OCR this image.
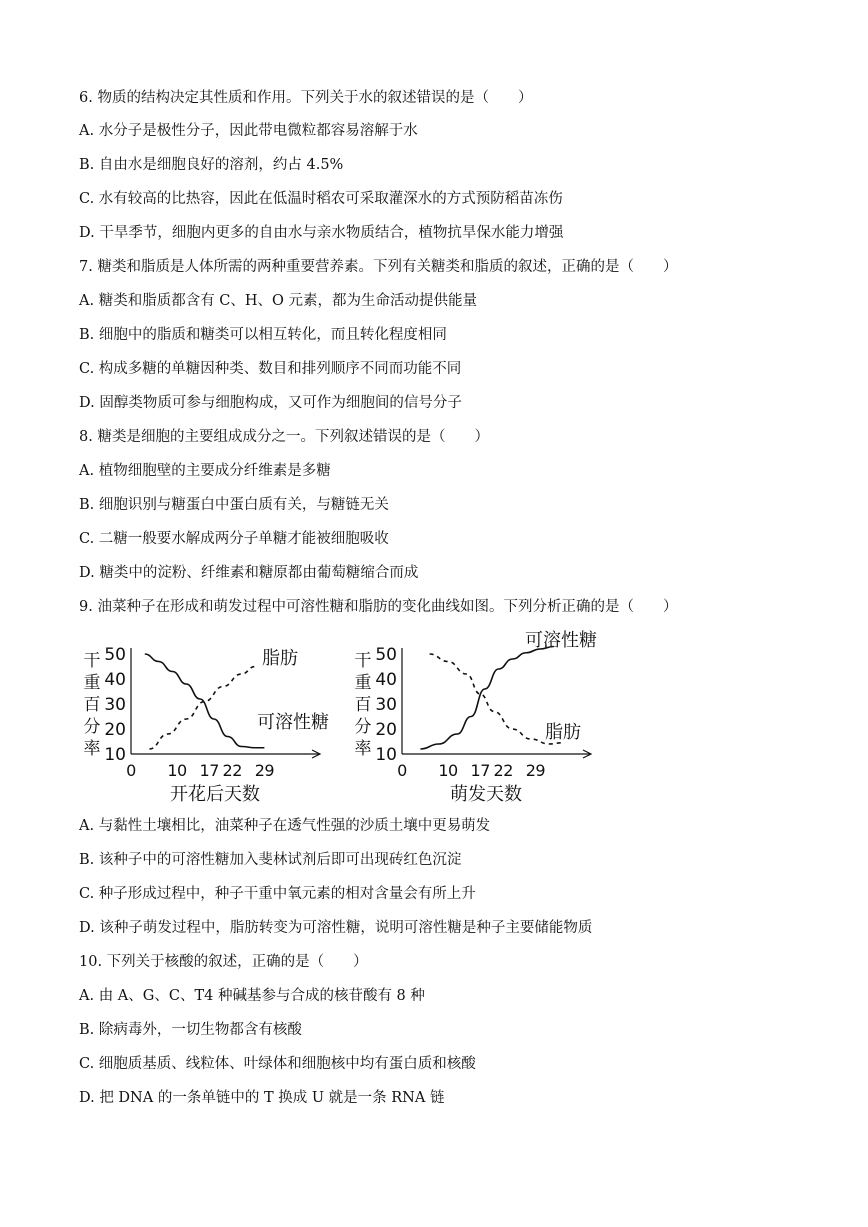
6. 物质的结构决定其性质和作用。下列关于水的叙述错误的是（　　）
A. 水分子是极性分子，因此带电微粒都容易溶解于水
B. 自由水是细胞良好的溶剂，约占 4.5%
C. 水有较高的比热容，因此在低温时稻农可采取灌深水的方式预防稻苗冻伤
D. 干旱季节，细胞内更多的自由水与亲水物质结合，植物抗旱保水能力增强
7. 糖类和脂质是人体所需的两种重要营养素。下列有关糖类和脂质的叙述，正确的是（　　）
A. 糖类和脂质都含有 C、H、O 元素，都为生命活动提供能量
B. 细胞中的脂质和糖类可以相互转化，而且转化程度相同
C. 构成多糖的单糖因种类、数目和排列顺序不同而功能不同
D. 固醇类物质可参与细胞构成，又可作为细胞间的信号分子
8. 糖类是细胞的主要组成成分之一。下列叙述错误的是（　　）
A. 植物细胞壁的主要成分纤维素是多糖
B. 细胞识别与糖蛋白中蛋白质有关，与糖链无关
C. 二糖一般要水解成两分子单糖才能被细胞吸收
D. 糖类中的淀粉、纤维素和糖原都由葡萄糖缩合而成
9. 油菜种子在形成和萌发过程中可溶性糖和脂肪的变化曲线如图。下列分析正确的是（　　）
干重百分率 10
20
30
40
50
0 10 17 22 29
开花后天数
脂肪
可溶性糖
干重百分率 10
20
30
40
50
0 10 17 22 29
萌发天数
可溶性糖
脂肪
A. 与黏性土壤相比，油菜种子在透气性强的沙质土壤中更易萌发
B. 该种子中的可溶性糖加入斐林试剂后即可出现砖红色沉淀
C. 种子形成过程中，种子干重中氧元素的相对含量会有所上升
D. 该种子萌发过程中，脂肪转变为可溶性糖，说明可溶性糖是种子主要储能物质
10. 下列关于核酸的叙述，正确的是（　　）
A. 由 A、G、C、T4 种碱基参与合成的核苷酸有 8 种
B. 除病毒外，一切生物都含有核酸
C. 细胞质基质、线粒体、叶绿体和细胞核中均有蛋白质和核酸
D. 把 DNA 的一条单链中的 T 换成 U 就是一条 RNA 链
